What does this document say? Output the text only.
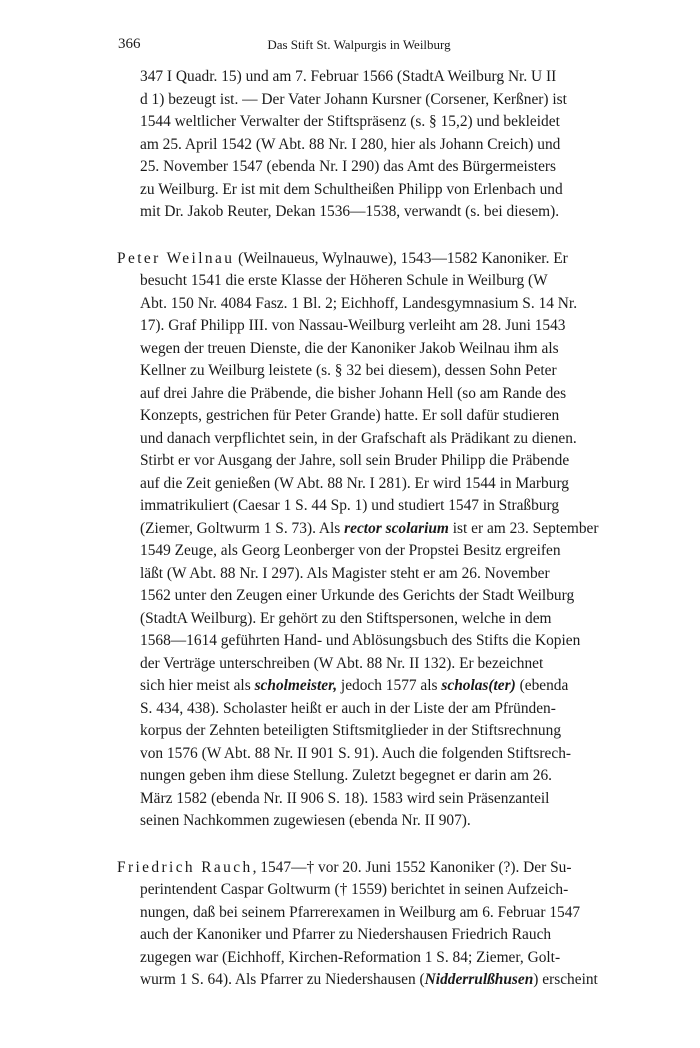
366	Das Stift St. Walpurgis in Weilburg
347 I Quadr. 15) und am 7. Februar 1566 (StadtA Weilburg Nr. U II
d 1) bezeugt ist. — Der Vater Johann Kursner (Corsener, Kerßner) ist
1544 weltlicher Verwalter der Stiftspräsenz (s. § 15,2) und bekleidet
am 25. April 1542 (W Abt. 88 Nr. I 280, hier als Johann Creich) und
25. November 1547 (ebenda Nr. I 290) das Amt des Bürgermeisters
zu Weilburg. Er ist mit dem Schultheißen Philipp von Erlenbach und
mit Dr. Jakob Reuter, Dekan 1536—1538, verwandt (s. bei diesem).
Peter Weilnau (Weilnaueus, Wylnauwe), 1543—1582 Kanoniker. Er
besucht 1541 die erste Klasse der Höheren Schule in Weilburg (W
Abt. 150 Nr. 4084 Fasz. 1 Bl. 2; Eichhoff, Landesgymnasium S. 14 Nr.
17). Graf Philipp III. von Nassau-Weilburg verleiht am 28. Juni 1543
wegen der treuen Dienste, die der Kanoniker Jakob Weilnau ihm als
Kellner zu Weilburg leistete (s. § 32 bei diesem), dessen Sohn Peter
auf drei Jahre die Präbende, die bisher Johann Hell (so am Rande des
Konzepts, gestrichen für Peter Grande) hatte. Er soll dafür studieren
und danach verpflichtet sein, in der Grafschaft als Prädikant zu dienen.
Stirbt er vor Ausgang der Jahre, soll sein Bruder Philipp die Präbende
auf die Zeit genießen (W Abt. 88 Nr. I 281). Er wird 1544 in Marburg
immatrikuliert (Caesar 1 S. 44 Sp. 1) und studiert 1547 in Straßburg
(Ziemer, Goltwurm 1 S. 73). Als rector scolarium ist er am 23. September
1549 Zeuge, als Georg Leonberger von der Propstei Besitz ergreifen
läßt (W Abt. 88 Nr. I 297). Als Magister steht er am 26. November
1562 unter den Zeugen einer Urkunde des Gerichts der Stadt Weilburg
(StadtA Weilburg). Er gehört zu den Stiftspersonen, welche in dem
1568—1614 geführten Hand- und Ablösungsbuch des Stifts die Kopien
der Verträge unterschreiben (W Abt. 88 Nr. II 132). Er bezeichnet
sich hier meist als scholmeister, jedoch 1577 als scholas(ter) (ebenda
S. 434, 438). Scholaster heißt er auch in der Liste der am Pfründen-
korpus der Zehnten beteiligten Stiftsmitglieder in der Stiftsrechnung
von 1576 (W Abt. 88 Nr. II 901 S. 91). Auch die folgenden Stiftsrech-
nungen geben ihm diese Stellung. Zuletzt begegnet er darin am 26.
März 1582 (ebenda Nr. II 906 S. 18). 1583 wird sein Präsenzanteil
seinen Nachkommen zugewiesen (ebenda Nr. II 907).
Friedrich Rauch, 1547—† vor 20. Juni 1552 Kanoniker (?). Der Su-
perintendent Caspar Goltwurm († 1559) berichtet in seinen Aufzeich-
nungen, daß bei seinem Pfarrerexamen in Weilburg am 6. Februar 1547
auch der Kanoniker und Pfarrer zu Niedershausen Friedrich Rauch
zugegen war (Eichhoff, Kirchen-Reformation 1 S. 84; Ziemer, Golt-
wurm 1 S. 64). Als Pfarrer zu Niedershausen (Nidderrulßhusen) erscheint
